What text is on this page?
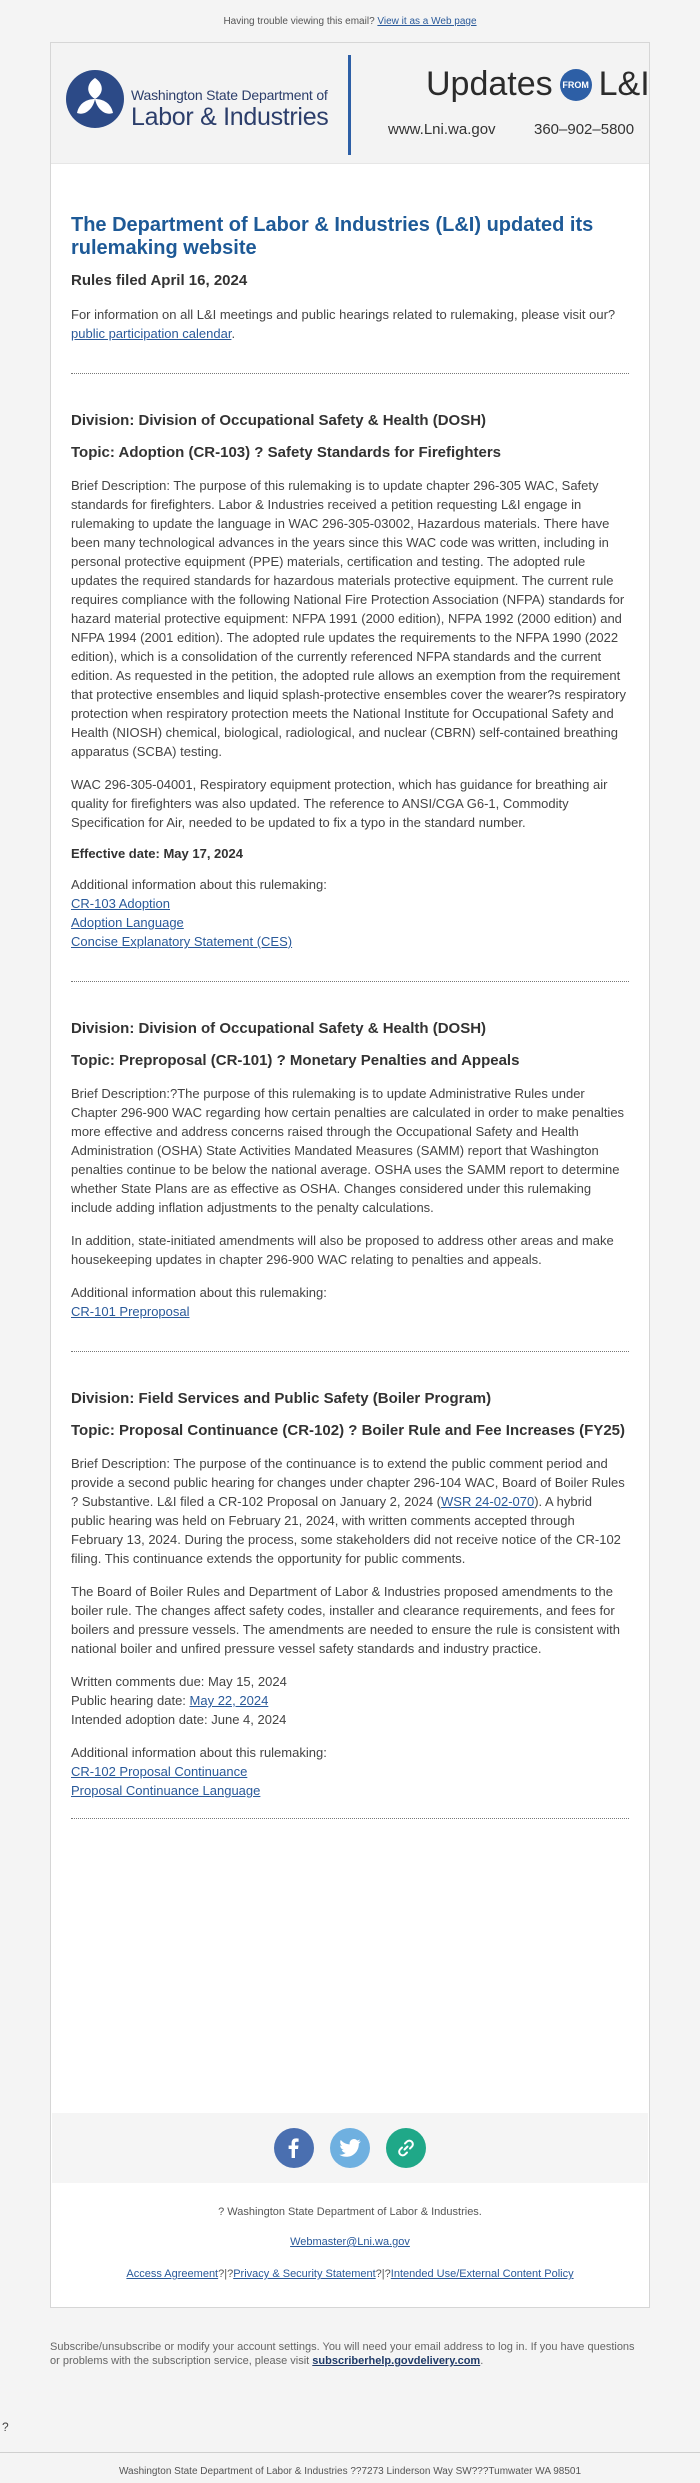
Having trouble viewing this email? View it as a Web page
Washington State Department of
Labor & Industries
Updates	FROM L&I
www.Lni.wa.gov	360–902–5800
The Department of Labor & Industries (L&I) updated its rulemaking website
Rules filed April 16, 2024

For information on all L&I meetings and public hearings related to rulemaking, please visit our?public participation calendar.

Division: Division of Occupational Safety & Health (DOSH)
Topic: Adoption (CR-103) ? Safety Standards for Firefighters

Brief Description: The purpose of this rulemaking is to update chapter 296-305 WAC, Safety standards for firefighters. Labor & Industries received a petition requesting L&I engage in rulemaking to update the language in WAC 296-305-03002, Hazardous materials. There have been many technological advances in the years since this WAC code was written, including in personal protective equipment (PPE) materials, certification and testing. The adopted rule updates the required standards for hazardous materials protective equipment. The current rule requires compliance with the following National Fire Protection Association (NFPA) standards for hazard material protective equipment: NFPA 1991 (2000 edition), NFPA 1992 (2000 edition) and NFPA 1994 (2001 edition). The adopted rule updates the requirements to the NFPA 1990 (2022 edition), which is a consolidation of the currently referenced NFPA standards and the current edition. As requested in the petition, the adopted rule allows an exemption from the requirement that protective ensembles and liquid splash-protective ensembles cover the wearer?s respiratory protection when respiratory protection meets the National Institute for Occupational Safety and Health (NIOSH) chemical, biological, radiological, and nuclear (CBRN) self-contained breathing apparatus (SCBA) testing.

WAC 296-305-04001, Respiratory equipment protection, which has guidance for breathing air quality for firefighters was also updated. The reference to ANSI/CGA G6-1, Commodity Specification for Air, needed to be updated to fix a typo in the standard number.

Effective date: May 17, 2024
Additional information about this rulemaking:
CR-103 Adoption
Adoption Language
Concise Explanatory Statement (CES)
Division: Division of Occupational Safety & Health (DOSH)
Topic: Preproposal (CR-101) ? Monetary Penalties and Appeals

Brief Description:?The purpose of this rulemaking is to update Administrative Rules under Chapter 296-900 WAC regarding how certain penalties are calculated in order to make penalties more effective and address concerns raised through the Occupational Safety and Health Administration (OSHA) State Activities Mandated Measures (SAMM) report that Washington penalties continue to be below the national average. OSHA uses the SAMM report to determine whether State Plans are as effective as OSHA. Changes considered under this rulemaking include adding inflation adjustments to the penalty calculations.

In addition, state-initiated amendments will also be proposed to address other areas and make housekeeping updates in chapter 296-900 WAC relating to penalties and appeals.

Additional information about this rulemaking:
CR-101 Preproposal
Division: Field Services and Public Safety (Boiler Program)
Topic: Proposal Continuance (CR-102) ? Boiler Rule and Fee Increases (FY25)

Brief Description: The purpose of the continuance is to extend the public comment period and provide a second public hearing for changes under chapter 296-104 WAC, Board of Boiler Rules ? Substantive. L&I filed a CR-102 Proposal on January 2, 2024 (WSR 24-02-070). A hybrid public hearing was held on February 21, 2024, with written comments accepted through February 13, 2024. During the process, some stakeholders did not receive notice of the CR-102 filing. This continuance extends the opportunity for public comments.

The Board of Boiler Rules and Department of Labor & Industries proposed amendments to the boiler rule. The changes affect safety codes, installer and clearance requirements, and fees for boilers and pressure vessels. The amendments are needed to ensure the rule is consistent with national boiler and unfired pressure vessel safety standards and industry practice.

Written comments due: May 15, 2024
Public hearing date: May 22, 2024
Intended adoption date: June 4, 2024
Additional information about this rulemaking:
CR-102 Proposal Continuance
Proposal Continuance Language
? Washington State Department of Labor & Industries.
Webmaster@Lni.wa.gov
Access Agreement?|?Privacy & Security Statement?|?Intended Use/External Content Policy
Subscribe/unsubscribe or modify your account settings. You will need your email address to log in. If you have questions or problems with the subscription service, please visit subscriberhelp.govdelivery.com.
?
Washington State Department of Labor & Industries ??7273 Linderson Way SW???Tumwater WA 98501
